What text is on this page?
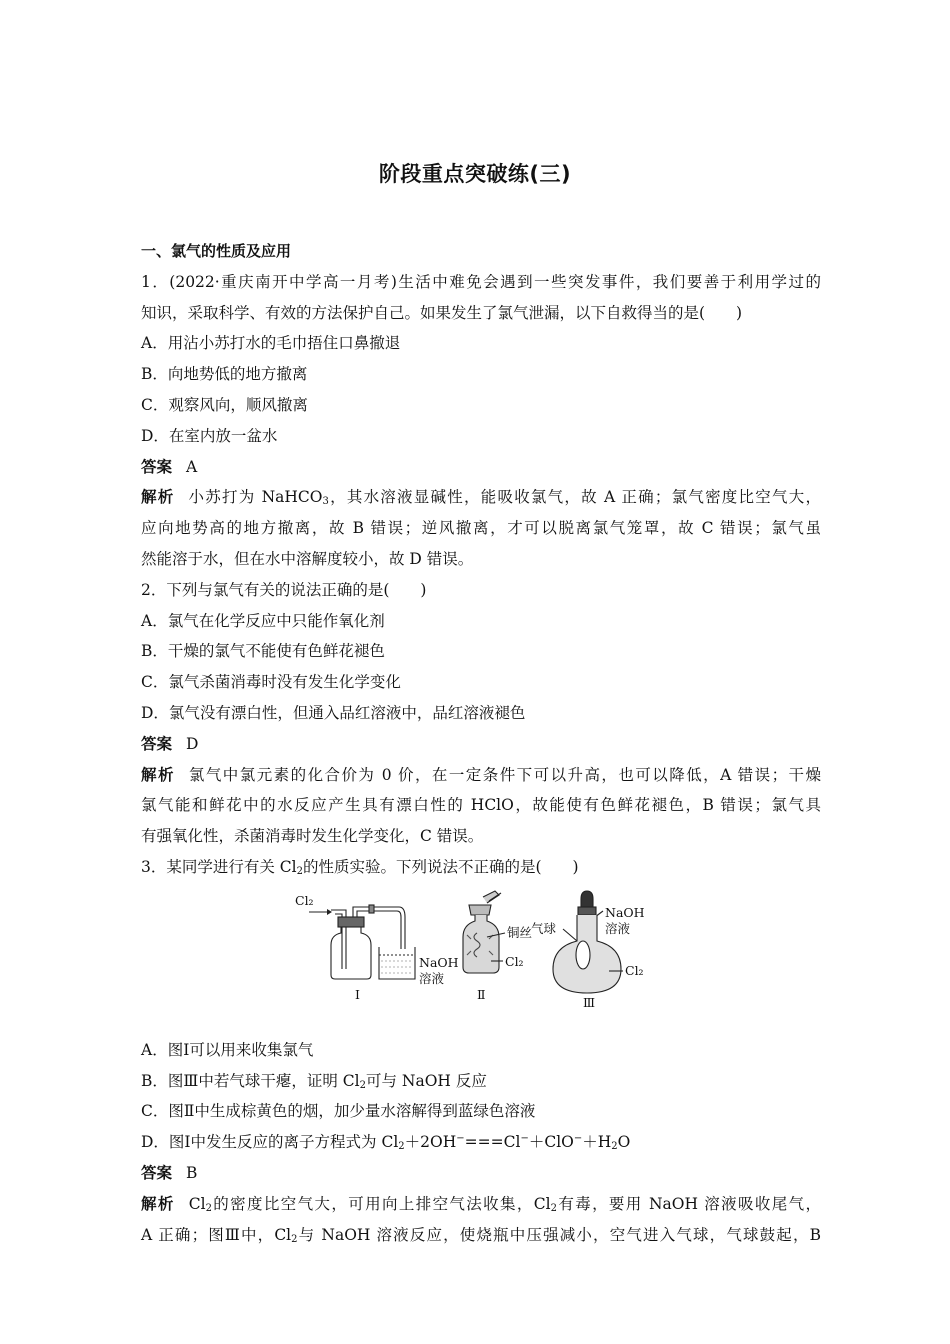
阶段重点突破练(三)
一、氯气的性质及应用
1．(2022·重庆南开中学高一月考)生活中难免会遇到一些突发事件，我们要善于利用学过的
知识，采取科学、有效的方法保护自己。如果发生了氯气泄漏，以下自救得当的是(　　)
A．用沾小苏打水的毛巾捂住口鼻撤退
B．向地势低的地方撤离
C．观察风向，顺风撤离
D．在室内放一盆水
答案 A
解析 小苏打为 NaHCO$_3$，其水溶液显碱性，能吸收氯气，故 A 正确；氯气密度比空气大，
应向地势高的地方撤离，故 B 错误；逆风撤离，才可以脱离氯气笼罩，故 C 错误；氯气虽
然能溶于水，但在水中溶解度较小，故 D 错误。
2．下列与氯气有关的说法正确的是(　　)
A．氯气在化学反应中只能作氧化剂
B．干燥的氯气不能使有色鲜花褪色
C．氯气杀菌消毒时没有发生化学变化
D．氯气没有漂白性，但通入品红溶液中，品红溶液褪色
答案 D
解析 氯气中氯元素的化合价为 0 价，在一定条件下可以升高，也可以降低，A 错误；干燥
氯气能和鲜花中的水反应产生具有漂白性的 HClO，故能使有色鲜花褪色，B 错误；氯气具
有强氧化性，杀菌消毒时发生化学变化，C 错误。
3．某同学进行有关 $Cl_2$的性质实验。下列说法不正确的是(　　)
Cl₂
NaOH
溶液
Ⅰ
铜丝
Cl₂
Ⅱ
气球
NaOH
溶液
Cl₂
Ⅲ
A．图Ⅰ可以用来收集氯气
B．图Ⅲ中若气球干瘪，证明 $Cl_2$可与 NaOH 反应
C．图Ⅱ中生成棕黄色的烟，加少量水溶解得到蓝绿色溶液
D．图Ⅰ中发生反应的离子方程式为 $Cl_2+2OH^-===Cl^-+ClO^-+H_2O$
答案 B
解析 $Cl_2$的密度比空气大，可用向上排空气法收集，$Cl_2$有毒，要用 NaOH 溶液吸收尾气，
A 正确；图Ⅲ中，$Cl_2$与 NaOH 溶液反应，使烧瓶中压强减小，空气进入气球，气球鼓起，B
